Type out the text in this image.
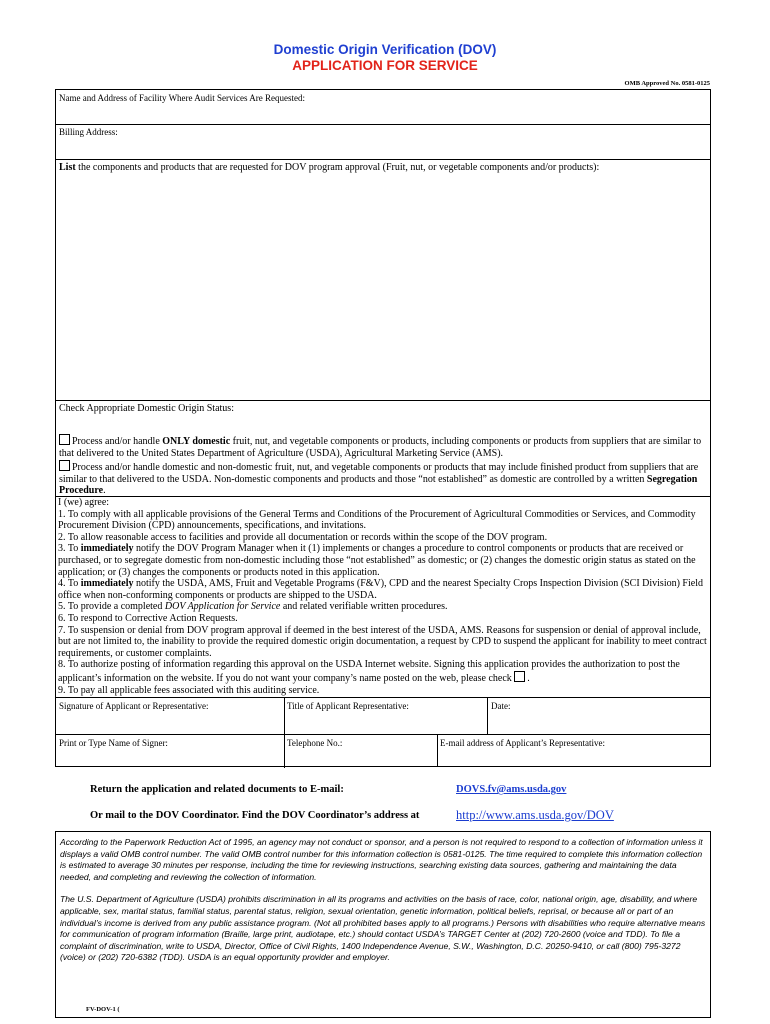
Domestic Origin Verification (DOV)
APPLICATION FOR SERVICE
OMB Approved No. 0581-0125
Name and Address of Facility Where Audit Services Are Requested:
Billing Address:
List the components and products that are requested for DOV program approval (Fruit, nut, or vegetable components and/or products):
Check Appropriate Domestic Origin Status:
Process and/or handle ONLY domestic fruit, nut, and vegetable components or products, including components or products from suppliers that are similar to that delivered to the United States Department of Agriculture (USDA), Agricultural Marketing Service (AMS).
Process and/or handle domestic and non-domestic fruit, nut, and vegetable components or products that may include finished product from suppliers that are similar to that delivered to the USDA. Non-domestic components and products and those “not established” as domestic are controlled by a written Segregation Procedure.
I (we) agree:
1. To comply with all applicable provisions of the General Terms and Conditions of the Procurement of Agricultural Commodities or Services, and Commodity Procurement Division (CPD) announcements, specifications, and invitations.
2. To allow reasonable access to facilities and provide all documentation or records within the scope of the DOV program.
3. To immediately notify the DOV Program Manager when it (1) implements or changes a procedure to control components or products that are received or purchased, or to segregate domestic from non-domestic including those “not established” as domestic; or (2) changes the domestic origin status as stated on the application; or (3) changes the components or products noted in this application.
4. To immediately notify the USDA, AMS, Fruit and Vegetable Programs (F&V), CPD and the nearest Specialty Crops Inspection Division (SCI Division) Field office when non-conforming components or products are shipped to the USDA.
5. To provide a completed DOV Application for Service and related verifiable written procedures.
6. To respond to Corrective Action Requests.
7. To suspension or denial from DOV program approval if deemed in the best interest of the USDA, AMS. Reasons for suspension or denial of approval include, but are not limited to, the inability to provide the required domestic origin documentation, a request by CPD to suspend the applicant for inability to meet contract requirements, or customer complaints.
8. To authorize posting of information regarding this approval on the USDA Internet website. Signing this application provides the authorization to post the applicant’s information on the website. If you do not want your company’s name posted on the web, please check .
9. To pay all applicable fees associated with this auditing service.
Signature of Applicant or Representative:	Title of Applicant Representative:	Date:
Print or Type Name of Signer:	Telephone No.:	E-mail address of Applicant’s Representative:
Return the application and related documents to E-mail:	DOVS.fv@ams.usda.gov
Or mail to the DOV Coordinator. Find the DOV Coordinator’s address at	http://www.ams.usda.gov/DOV

According to the Paperwork Reduction Act of 1995, an agency may not conduct or sponsor, and a person is not required to respond to a collection of information unless it displays a valid OMB control number. The valid OMB control number for this information collection is 0581-0125. The time required to complete this information collection is estimated to average 30 minutes per response, including the time for reviewing instructions, searching existing data sources, gathering and maintaining the data needed, and completing and reviewing the collection of information.

The U.S. Department of Agriculture (USDA) prohibits discrimination in all its programs and activities on the basis of race, color, national origin, age, disability, and where applicable, sex, marital status, familial status, parental status, religion, sexual orientation, genetic information, political beliefs, reprisal, or because all or part of an individual’s income is derived from any public assistance program. (Not all prohibited bases apply to all programs.) Persons with disabilities who require alternative means for communication of program information (Braille, large print, audiotape, etc.) should contact USDA’s TARGET Center at (202) 720-2600 (voice and TDD). To file a complaint of discrimination, write to USDA, Director, Office of Civil Rights, 1400 Independence Avenue, S.W., Washington, D.C. 20250-9410, or call (800) 795-3272 (voice) or (202) 720-6382 (TDD). USDA is an equal opportunity provider and employer.

FV-DOV-1 (
